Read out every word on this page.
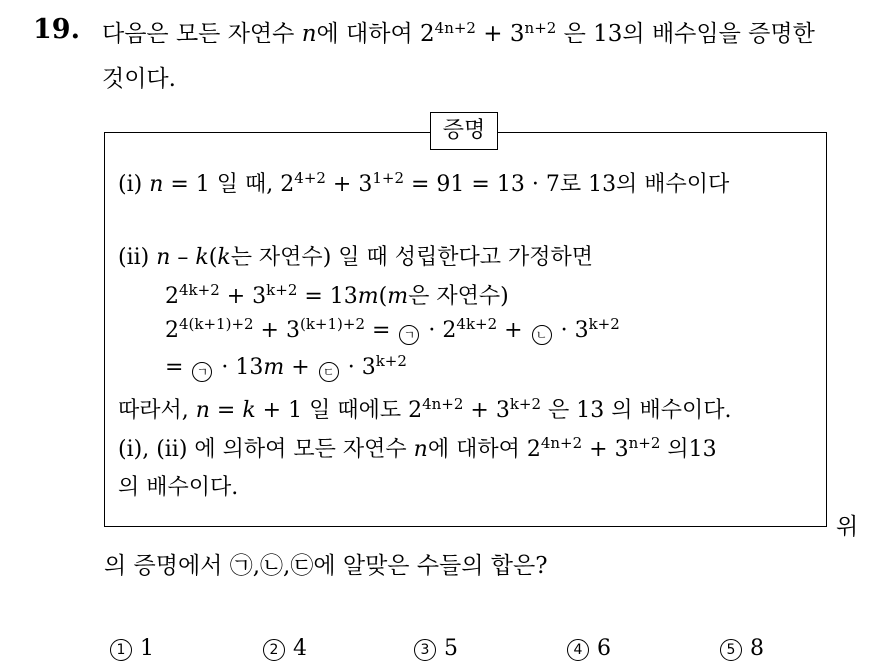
19. 다음은 모든 자연수 n에 대하여 $2^{4n+2} + 3^{n+2}$ 은 13의 배수임을 증명한
것이다.
증명
(i) n = 1 일 때, $2^{4+2} + 3^{1+2} = 91 = 13 \cdot 7$로 13의 배수이다
(ii) n – k(k는 자연수) 일 때 성립한다고 가정하면
$2^{4k+2} + 3^{k+2} = 13m(m$은 자연수)
$2^{4(k+1)+2} + 3^{(k+1)+2}$ = ㄱ · $2^{4k+2}$ + ㄴ · $3^{k+2}$
= ㄱ · 13m + ㄷ · $3^{k+2}$
따라서, n = k + 1 일 때에도 $2^{4n+2} + 3^{k+2}$ 은 13 의 배수이다.
(i), (ii) 에 의하여 모든 자연수 n에 대하여 $2^{4n+2} + 3^{n+2}$ 의13
의 배수이다.
위
의 증명에서 ㉠,㉡,㉢에 알맞은 수들의 합은?
1 1	2 4	3 5	4 6	5 8
